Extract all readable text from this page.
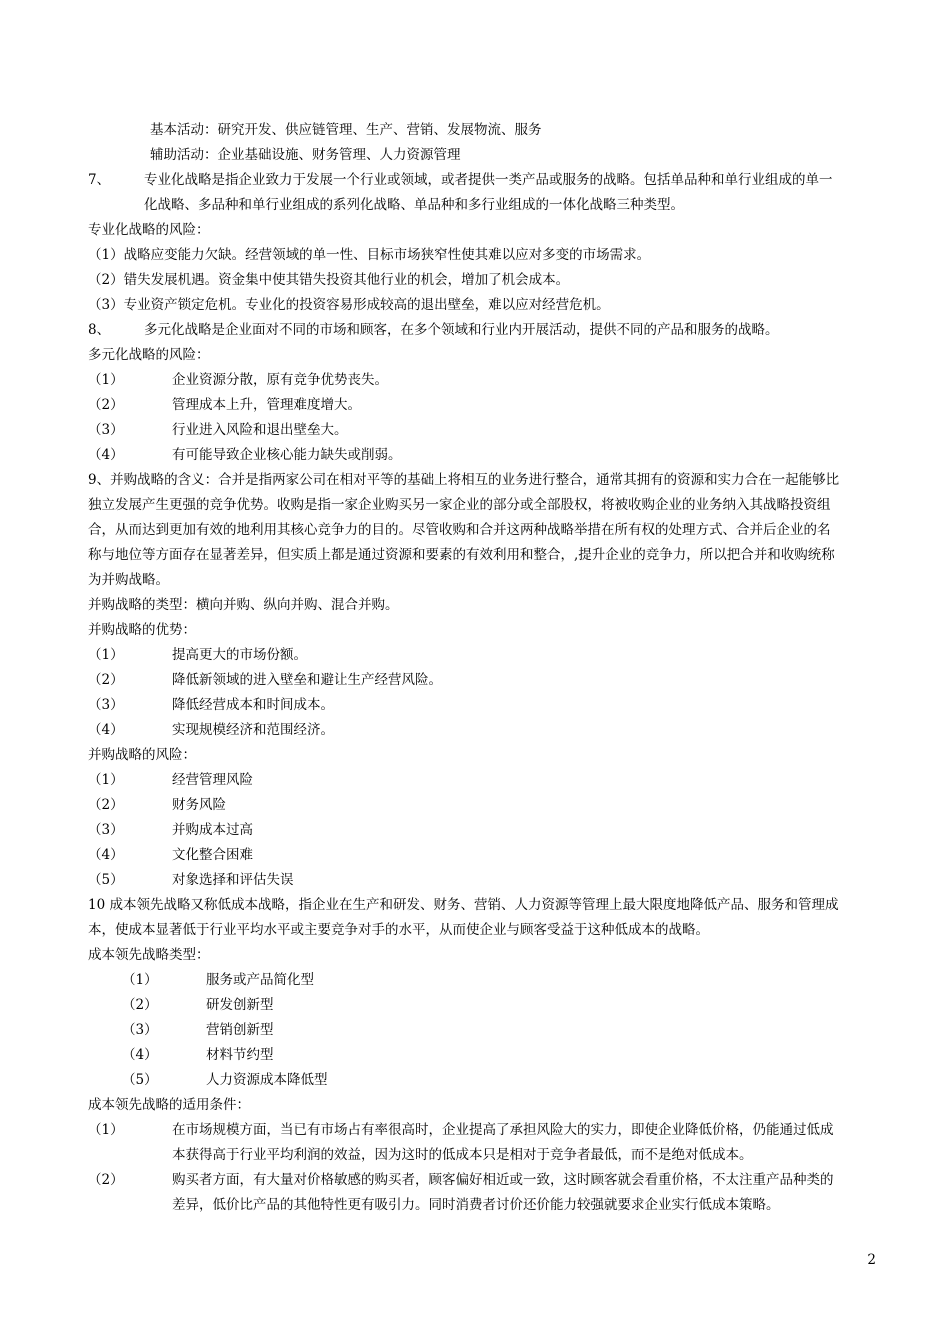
基本活动：研究开发、供应链管理、生产、营销、发展物流、服务
辅助活动：企业基础设施、财务管理、人力资源管理
7、	专业化战略是指企业致力于发展一个行业或领域，或者提供一类产品或服务的战略。包括单品种和单行业组成的单一
化战略、多品种和单行业组成的系列化战略、单品种和多行业组成的一体化战略三种类型。
专业化战略的风险：
（1）战略应变能力欠缺。经营领域的单一性、目标市场狭窄性使其难以应对多变的市场需求。
（2）错失发展机遇。资金集中使其错失投资其他行业的机会，增加了机会成本。
（3）专业资产锁定危机。专业化的投资容易形成较高的退出壁垒，难以应对经营危机。
8、	多元化战略是企业面对不同的市场和顾客，在多个领域和行业内开展活动，提供不同的产品和服务的战略。
多元化战略的风险：
（1）	企业资源分散，原有竞争优势丧失。
（2）	管理成本上升，管理难度增大。
（3）	行业进入风险和退出壁垒大。
（4）	有可能导致企业核心能力缺失或削弱。
9、并购战略的含义：合并是指两家公司在相对平等的基础上将相互的业务进行整合，通常其拥有的资源和实力合在一起能够比
独立发展产生更强的竞争优势。收购是指一家企业购买另一家企业的部分或全部股权，将被收购企业的业务纳入其战略投资组
合，从而达到更加有效的地利用其核心竞争力的目的。尽管收购和合并这两种战略举措在所有权的处理方式、合并后企业的名
称与地位等方面存在显著差异，但实质上都是通过资源和要素的有效利用和整合，,提升企业的竞争力，所以把合并和收购统称
为并购战略。
并购战略的类型：横向并购、纵向并购、混合并购。
并购战略的优势：
（1）	提高更大的市场份额。
（2）	降低新领域的进入壁垒和避让生产经营风险。
（3）	降低经营成本和时间成本。
（4）	实现规模经济和范围经济。
并购战略的风险：
（1）	经营管理风险
（2）	财务风险
（3）	并购成本过高
（4）	文化整合困难
（5）	对象选择和评估失误
10 成本领先战略又称低成本战略，指企业在生产和研发、财务、营销、人力资源等管理上最大限度地降低产品、服务和管理成
本，使成本显著低于行业平均水平或主要竞争对手的水平，从而使企业与顾客受益于这种低成本的战略。
成本领先战略类型：
（1）	服务或产品简化型
（2）	研发创新型
（3）	营销创新型
（4）	材料节约型
（5）	人力资源成本降低型
成本领先战略的适用条件：
（1）	在市场规模方面，当已有市场占有率很高时，企业提高了承担风险大的实力，即使企业降低价格，仍能通过低成
本获得高于行业平均利润的效益，因为这时的低成本只是相对于竞争者最低，而不是绝对低成本。
（2）	购买者方面，有大量对价格敏感的购买者，顾客偏好相近或一致，这时顾客就会看重价格，不太注重产品种类的
差异，低价比产品的其他特性更有吸引力。同时消费者讨价还价能力较强就要求企业实行低成本策略。
2
